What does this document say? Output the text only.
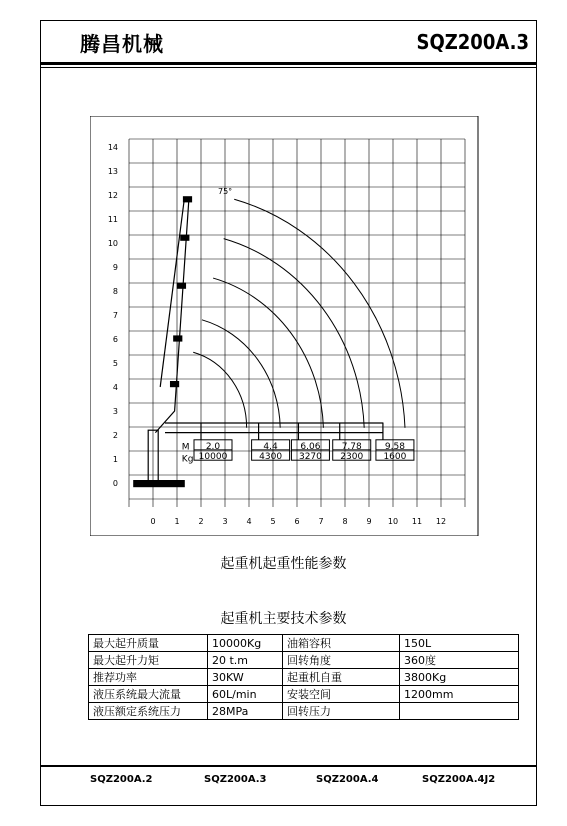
腾昌机械	SQZ200A.3
0 1 2 3 4 5 6 7 8 9 10 11 12
0
1
2
3
4
5
6
7
8
9
10
11
12
13
14
75°
M
Kg
2.0
10000
4.4
4300
6.06
3270
7.78
2300
9.58
1600
起重机起重性能参数
起重机主要技术参数
最大起升质量	10000Kg	油箱容积	150L
最大起升力矩	20 t.m	回转角度	360度
推荐功率	30KW	起重机自重	3800Kg
液压系统最大流量	60L/min	安装空间	1200mm
液压额定系统压力	28MPa	回转压力	
SQZ200A.2	SQZ200A.3	SQZ200A.4	SQZ200A.4J2
